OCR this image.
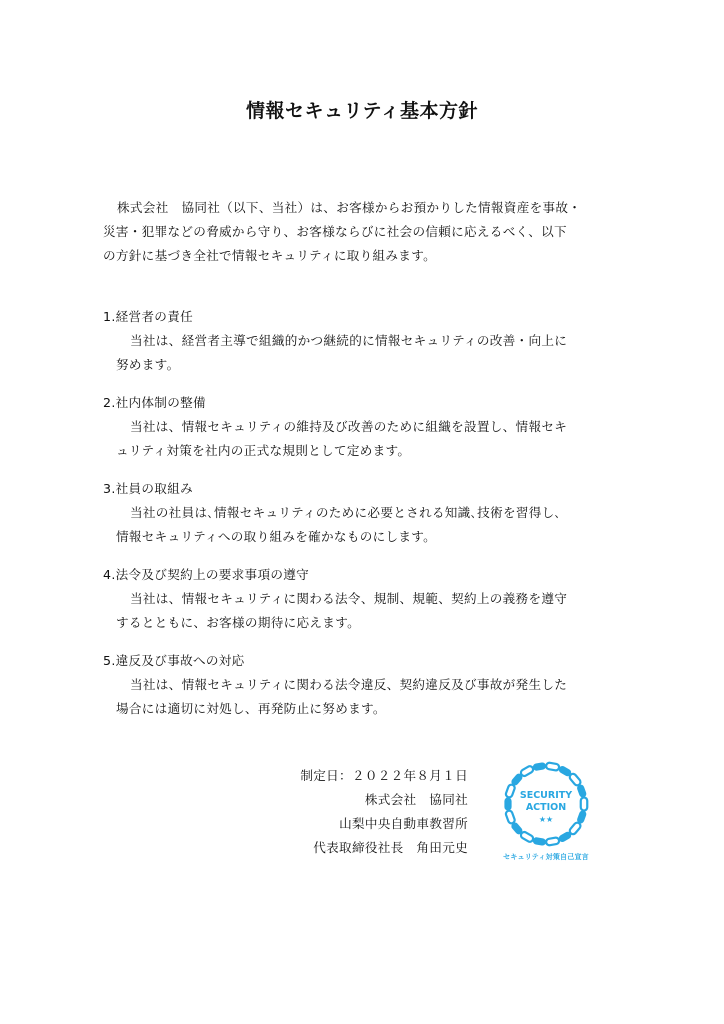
情報セキュリティ基本方針

株式会社　協同社（以下、当社）は、お客様からお預かりした情報資産を事故・

災害・犯罪などの脅威から守り、お客様ならびに社会の信頼に応えるべく、以下

の方針に基づき全社で情報セキュリティに取り組みます。

1.経営者の責任

当社は、経営者主導で組織的かつ継続的に情報セキュリティの改善・向上に

努めます。

2.社内体制の整備

当社は、情報セキュリティの維持及び改善のために組織を設置し、情報セキ

ュリティ対策を社内の正式な規則として定めます。

3.社員の取組み

当社の社員は､情報セキュリティのために必要とされる知識､技術を習得し､

情報セキュリティへの取り組みを確かなものにします。

4.法令及び契約上の要求事項の遵守

当社は、情報セキュリティに関わる法令、規制、規範、契約上の義務を遵守

するとともに、お客様の期待に応えます。

5.違反及び事故への対応

当社は、情報セキュリティに関わる法令違反、契約違反及び事故が発生した

場合には適切に対処し、再発防止に努めます。

制定日：２０２２年８月１日

株式会社　協同社

山梨中央自動車教習所

代表取締役社長　角田元史

SECURITY
ACTION
★★
セキュリティ対策自己宣言
